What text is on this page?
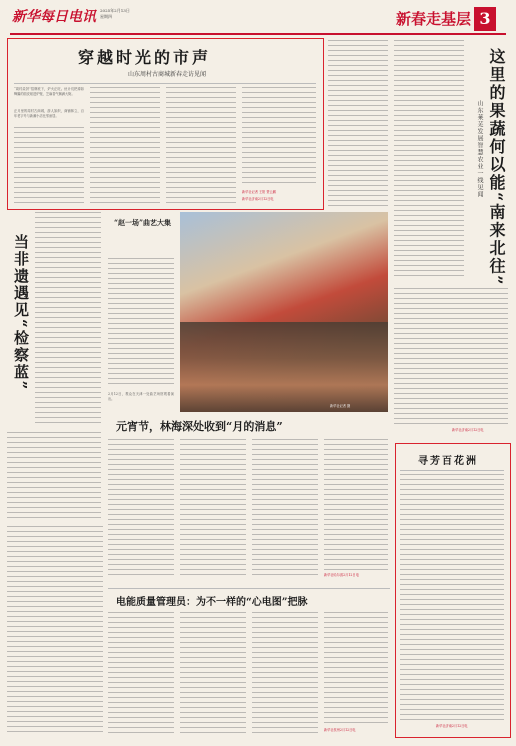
新华每日电讯 2025年2月13日
星期四	新春走基层 3
穿越时光的市声
山东周村古商城新春走访见闻
“周村烧饼”招牌底下，炉火正旺。伙计们把薄如蝉翼的面皮贴进炉壁，芝麻香气飘满大街。
正月里的周村古商城，游人如织，商铺林立，百年老字号与新潮小店比邻而居。
新华社记者 王阳 贾云鹏
新华社济南2月12日电	这里的果蔬何以能“南来北往”
山东莱芜发展智慧农业一线见闻
新华社济南2月12日电
当非遗遇见“检察蓝”
“赵一场”曲艺大集
2月12日，观众在天津一处曲艺场馆观看演出。
新华社记者 摄
元宵节，林海深处收到“月的消息”
新华社哈尔滨2月12日电
寻芳百花洲
新华社济南2月12日电
电能质量管理员：为不一样的“心电图”把脉
新华社杭州2月12日电
